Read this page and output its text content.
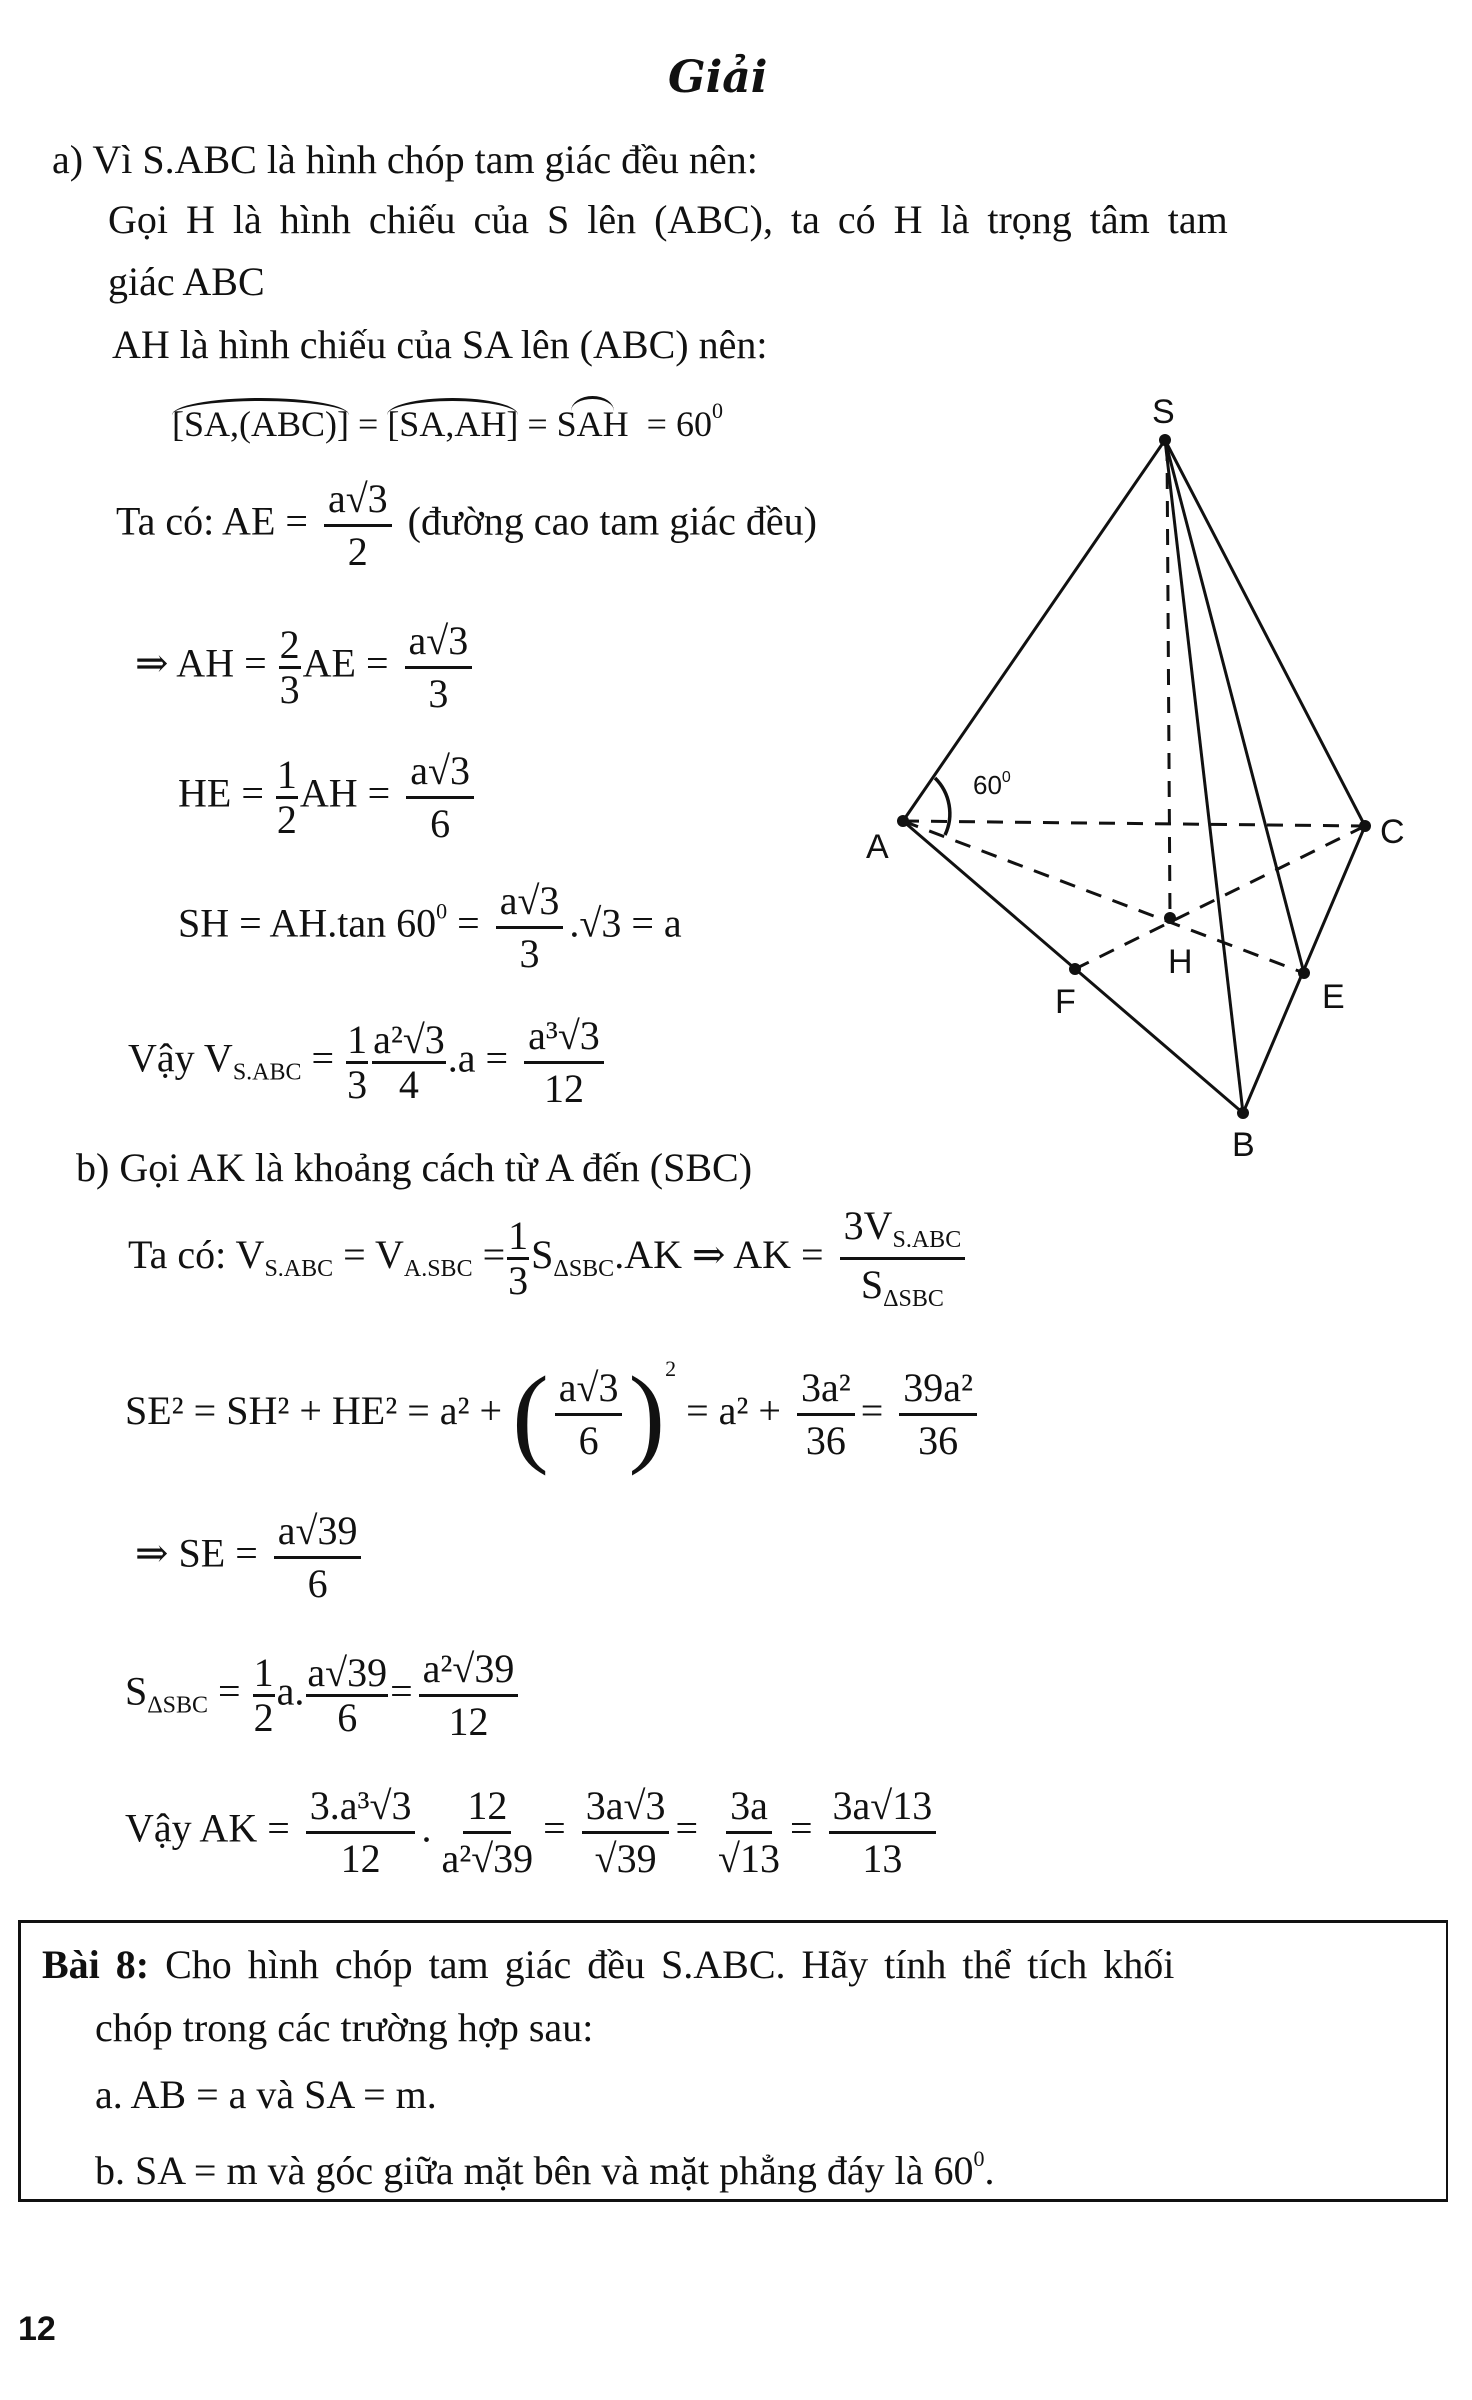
Giải
a) Vì S.ABC là hình chóp tam giác đều nên:
Gọi H là hình chiếu của S lên (ABC), ta có H là trọng tâm tam
giác ABC
AH là hình chiếu của SA lên (ABC) nên:
[SA,(ABC)] = [SA,AH] = SAH  = $60^0$
Ta có: AE = $\frac{a√3}{2}$ (đường cao tam giác đều)
⇒ AH = $\frac{2}{3}$ AE = $\frac{a√3}{3}$
HE = $\frac{1}{2}$ AH = $\frac{a√3}{6}$
SH = AH.tan $60^0 = \frac{a√3}{3} .√3 = a$
Vậy $V_{S.ABC} = \frac{1}{3} \frac{\text{a²√3}}{4} .a = \frac{\text{a³√3}}{12}$
b) Gọi AK là khoảng cách từ A đến (SBC)
Ta có: $V_{S.ABC} = V_{A.SBC} = \frac{1}{3} S_{\Delta SBC}.AK$ ⇒ AK = $\frac{3V_{S.ABC}}{S_{\Delta SBC}}$
SE² = SH² + HE² = a² + ( $\frac{a√3}{6} )^2 = a^2 + \frac{\text{3a²}}{36} = \frac{\text{39a²}}{36}$
⇒ SE = $\frac{a√39}{6}$
$S_{\Delta SBC} = \frac{1}{2} a$. $\frac{a√39}{6} = \frac{\text{a²√39}}{12}$
Vậy AK = $\frac{\text{3.a³√3}}{12}$ . $\frac{12}{\text{a²√39}} = \frac{3a√3}{√39} = \frac{3a}{√13} = \frac{3a√13}{13}$
Bài 8: Cho hình chóp tam giác đều S.ABC. Hãy tính thể tích khối
chóp trong các trường hợp sau:
a. AB = a và SA = m.
b. SA = m và góc giữa mặt bên và mặt phẳng đáy là $60^0$.
S
A	C
H
F	E
B
$60^0$
12
